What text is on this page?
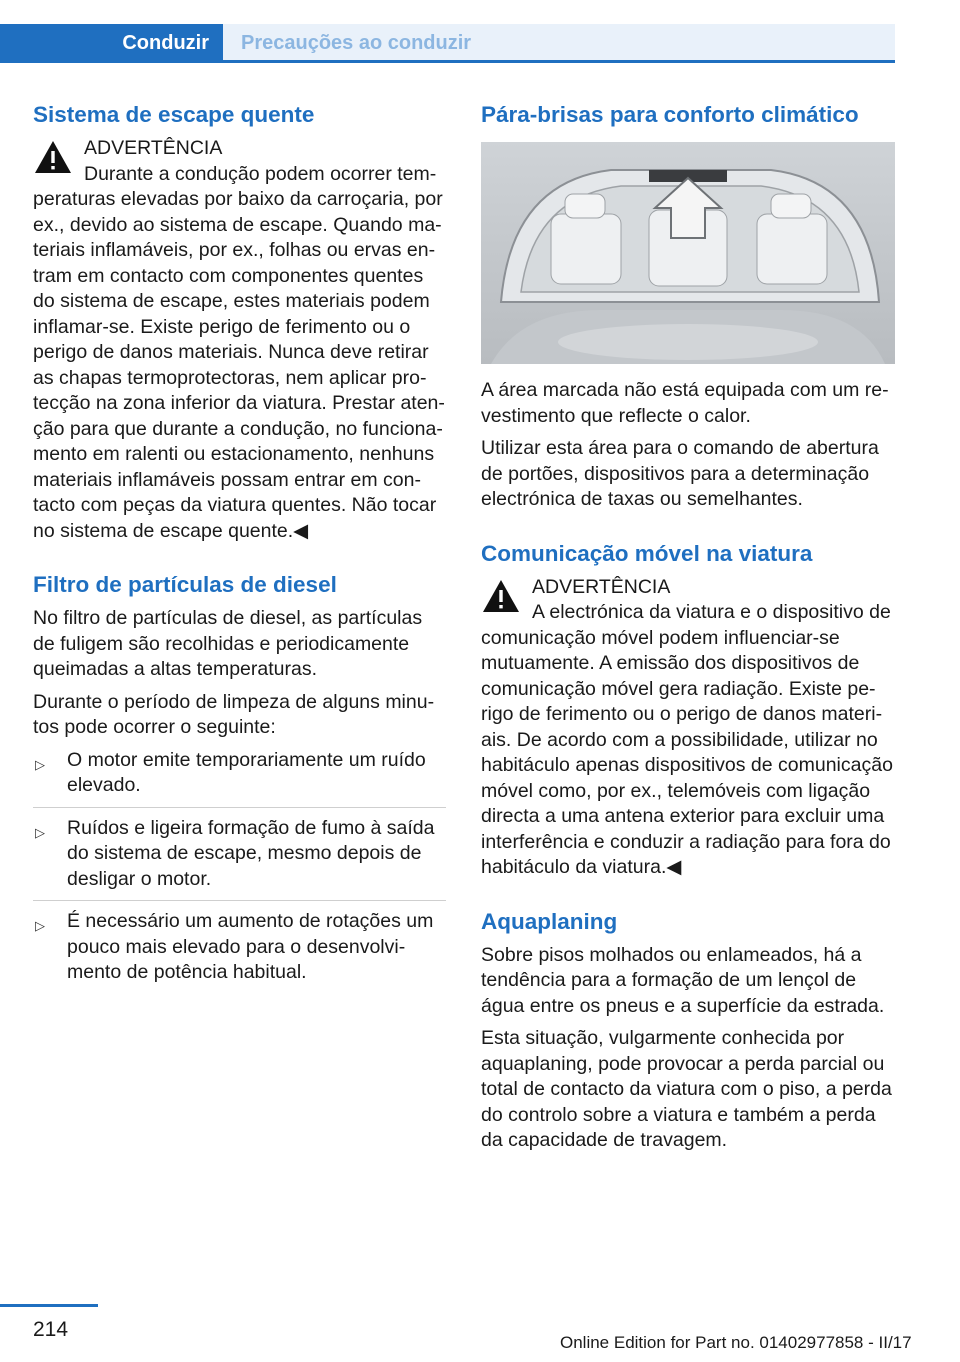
Conduzir	Precauções ao conduzir
Sistema de escape quente
ADVERTÊNCIA

Durante a condução podem ocorrer temperaturas elevadas por baixo da carroçaria, por ex., devido ao sistema de escape. Quando materiais inflamáveis, por ex., folhas ou ervas entram em contacto com componentes quentes do sistema de escape, estes materiais podem inflamar-se. Existe perigo de ferimento ou o perigo de danos materiais. Nunca deve retirar as chapas termoprotectoras, nem aplicar protecção na zona inferior da viatura. Prestar atenção para que durante a condução, no funcionamento em ralenti ou estacionamento, nenhuns materiais inflamáveis possam entrar em contacto com peças da viatura quentes. Não tocar no sistema de escape quente.◀

Filtro de partículas de diesel

No filtro de partículas de diesel, as partículas de fuligem são recolhidas e periodicamente queimadas a altas temperaturas.

Durante o período de limpeza de alguns minutos pode ocorrer o seguinte:

▷ O motor emite temporariamente um ruído elevado.
▷ Ruídos e ligeira formação de fumo à saída do sistema de escape, mesmo depois de desligar o motor.
▷ É necessário um aumento de rotações um pouco mais elevado para o desenvolvimento de potência habitual.
Pára-brisas para conforto climático

A área marcada não está equipada com um revestimento que reflecte o calor.

Utilizar esta área para o comando de abertura de portões, dispositivos para a determinação electrónica de taxas ou semelhantes.

Comunicação móvel na viatura
ADVERTÊNCIA

A electrónica da viatura e o dispositivo de comunicação móvel podem influenciar-se mutuamente. A emissão dos dispositivos de comunicação móvel gera radiação. Existe perigo de ferimento ou o perigo de danos materiais. De acordo com a possibilidade, utilizar no habitáculo apenas dispositivos de comunicação móvel como, por ex., telemóveis com ligação directa a uma antena exterior para excluir uma interferência e conduzir a radiação para fora do habitáculo da viatura.◀

Aquaplaning

Sobre pisos molhados ou enlameados, há a tendência para a formação de um lençol de água entre os pneus e a superfície da estrada.

Esta situação, vulgarmente conhecida por aquaplaning, pode provocar a perda parcial ou total de contacto da viatura com o piso, a perda do controlo sobre a viatura e também a perda da capacidade de travagem.

214
Online Edition for Part no. 01402977858 - II/17
